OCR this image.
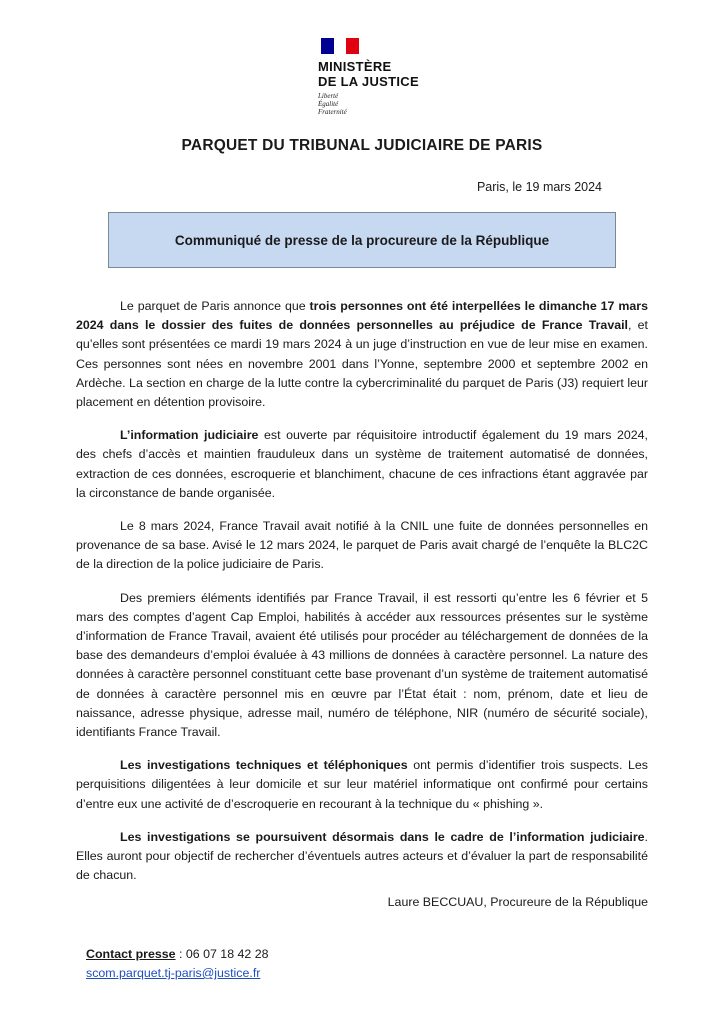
MINISTÈRE
DE LA JUSTICE
Liberté
Égalité
Fraternité
PARQUET DU TRIBUNAL JUDICIAIRE DE PARIS
Paris, le 19 mars 2024
Communiqué de presse de la procureure de la République

Le parquet de Paris annonce que trois personnes ont été interpellées le dimanche 17 mars 2024 dans le dossier des fuites de données personnelles au préjudice de France Travail, et qu’elles sont présentées ce mardi 19 mars 2024 à un juge d’instruction en vue de leur mise en examen. Ces personnes sont nées en novembre 2001 dans l’Yonne, septembre 2000 et septembre 2002 en Ardèche. La section en charge de la lutte contre la cybercriminalité du parquet de Paris (J3) requiert leur placement en détention provisoire.

L’information judiciaire est ouverte par réquisitoire introductif également du 19 mars 2024, des chefs d’accès et maintien frauduleux dans un système de traitement automatisé de données, extraction de ces données, escroquerie et blanchiment, chacune de ces infractions étant aggravée par la circonstance de bande organisée.

Le 8 mars 2024, France Travail avait notifié à la CNIL une fuite de données personnelles en provenance de sa base. Avisé le 12 mars 2024, le parquet de Paris avait chargé de l’enquête la BLC2C de la direction de la police judiciaire de Paris.

Des premiers éléments identifiés par France Travail, il est ressorti qu’entre les 6 février et 5 mars des comptes d’agent Cap Emploi, habilités à accéder aux ressources présentes sur le système d’information de France Travail, avaient été utilisés pour procéder au téléchargement de données de la base des demandeurs d’emploi évaluée à 43 millions de données à caractère personnel. La nature des données à caractère personnel constituant cette base provenant d’un système de traitement automatisé de données à caractère personnel mis en œuvre par l’État était : nom, prénom, date et lieu de naissance, adresse physique, adresse mail, numéro de téléphone, NIR (numéro de sécurité sociale), identifiants France Travail.

Les investigations techniques et téléphoniques ont permis d’identifier trois suspects. Les perquisitions diligentées à leur domicile et sur leur matériel informatique ont confirmé pour certains d’entre eux une activité de d’escroquerie en recourant à la technique du « phishing ».

Les investigations se poursuivent désormais dans le cadre de l’information judiciaire. Elles auront pour objectif de rechercher d’éventuels autres acteurs et d’évaluer la part de responsabilité de chacun.

Laure BECCUAU, Procureure de la République
Contact presse : 06 07 18 42 28
scom.parquet.tj-paris@justice.fr
